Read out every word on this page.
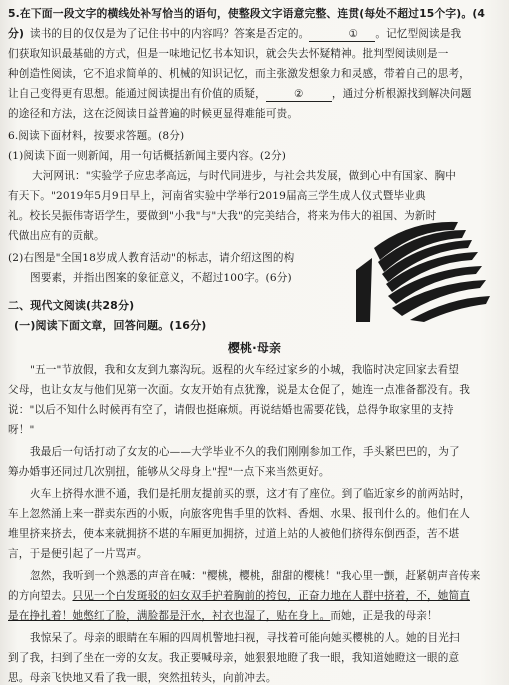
5.在下面一段文字的横线处补写恰当的语句，使整段文字语意完整、连贯(每处不超过15个字)。(4分) 读书的目的仅仅是为了记住书中的内容吗？答案是否定的。	① 。记忆型阅读是我

们获取知识最基础的方式，但是一味地记忆书本知识，就会失去怀疑精神。批判型阅读则是一

种创造性阅读，它不追求简单的、机械的知识记忆，而主张激发想象力和灵感，带着自己的思考，

让自己变得更有思想。能通过阅读提出有价值的质疑，	②	，通过分析根源找到解决问题

的途径和方法，这在泛阅读日益普遍的时候更显得难能可贵。

6.阅读下面材料，按要求答题。(8分)

(1)阅读下面一则新闻，用一句话概括新闻主要内容。(2分)

大河网讯："实验学子应忠孝高远，与时代同进步，与社会共发展，做到心中有国家、胸中

有天下。"2019年5月9日早上，河南省实验中学举行2019届高三学生成人仪式暨毕业典

礼。校长吴振伟寄语学生，要做到"小我"与"大我"的完美结合，将来为伟大的祖国、为新时

代做出应有的贡献。

(2)右图是"全国18岁成人教育活动"的标志，请介绍这图的构

图要素，并指出图案的象征意义，不超过100字。(6分)

二、现代文阅读(共28分)

(一)阅读下面文章，回答问题。(16分)

樱桃·母亲

"五一"节放假，我和女友到九寨沟玩。返程的火车经过家乡的小城，我临时决定回家去看望

父母，也让女友与他们见第一次面。女友开始有点犹豫，说是太仓促了，她连一点准备都没有。我

说："以后不知什么时候再有空了，请假也挺麻烦。再说结婚也需要花钱，总得争取家里的支持

呀！"

我最后一句话打动了女友的心——大学毕业不久的我们刚刚参加工作，手头紧巴巴的，为了

筹办婚事还同过几次别扭，能够从父母身上"捏"一点下来当然更好。

火车上挤得水泄不通，我们是托朋友提前买的票，这才有了座位。到了临近家乡的前两站时，

车上忽然涌上来一群卖东西的小贩，向旅客兜售手里的饮料、香烟、水果、报刊什么的。他们在人

堆里挤来挤去，使本来就拥挤不堪的车厢更加拥挤，过道上站的人被他们挤得东倒西歪，苦不堪

言，于是便引起了一片骂声。

忽然，我听到一个熟悉的声音在喊："樱桃，樱桃，甜甜的樱桃！"我心里一颤，赶紧朝声音传来

的方向望去。只见一个白发斑驳的妇女双手护着胸前的挎包，正奋力地在人群中挤着，不，她简直

是在挣扎着！她憋红了脸，满脸都是汗水，衬衣也湿了，贴在身上。而她，正是我的母亲！

我惊呆了。母亲的眼睛在车厢的四周机警地扫视，寻找着可能向她买樱桃的人。她的目光扫

到了我，扫到了坐在一旁的女友。我正要喊母亲，她狠狠地瞪了我一眼，我知道她瞪这一眼的意

思。母亲飞快地又看了我一眼，突然扭转头，向前冲去。
